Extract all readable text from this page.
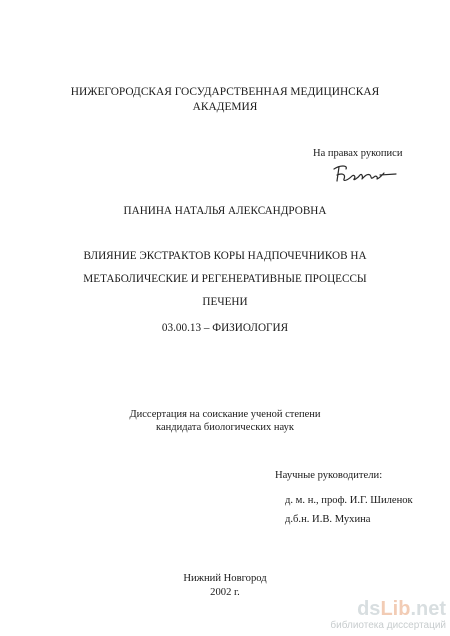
НИЖЕГОРОДСКАЯ ГОСУДАРСТВЕННАЯ МЕДИЦИНСКАЯ
АКАДЕМИЯ
На правах рукописи
ПАНИНА НАТАЛЬЯ АЛЕКСАНДРОВНА
ВЛИЯНИЕ ЭКСТРАКТОВ КОРЫ НАДПОЧЕЧНИКОВ НА
МЕТАБОЛИЧЕСКИЕ И РЕГЕНЕРАТИВНЫЕ ПРОЦЕССЫ
ПЕЧЕНИ
03.00.13 – ФИЗИОЛОГИЯ
Диссертация на соискание ученой степени
кандидата биологических наук
Научные руководители:
д. м. н., проф. И.Г. Шиленок
д.б.н. И.В. Мухина
Нижний Новгород
2002 г.
dsLib.net
библиотека диссертаций
